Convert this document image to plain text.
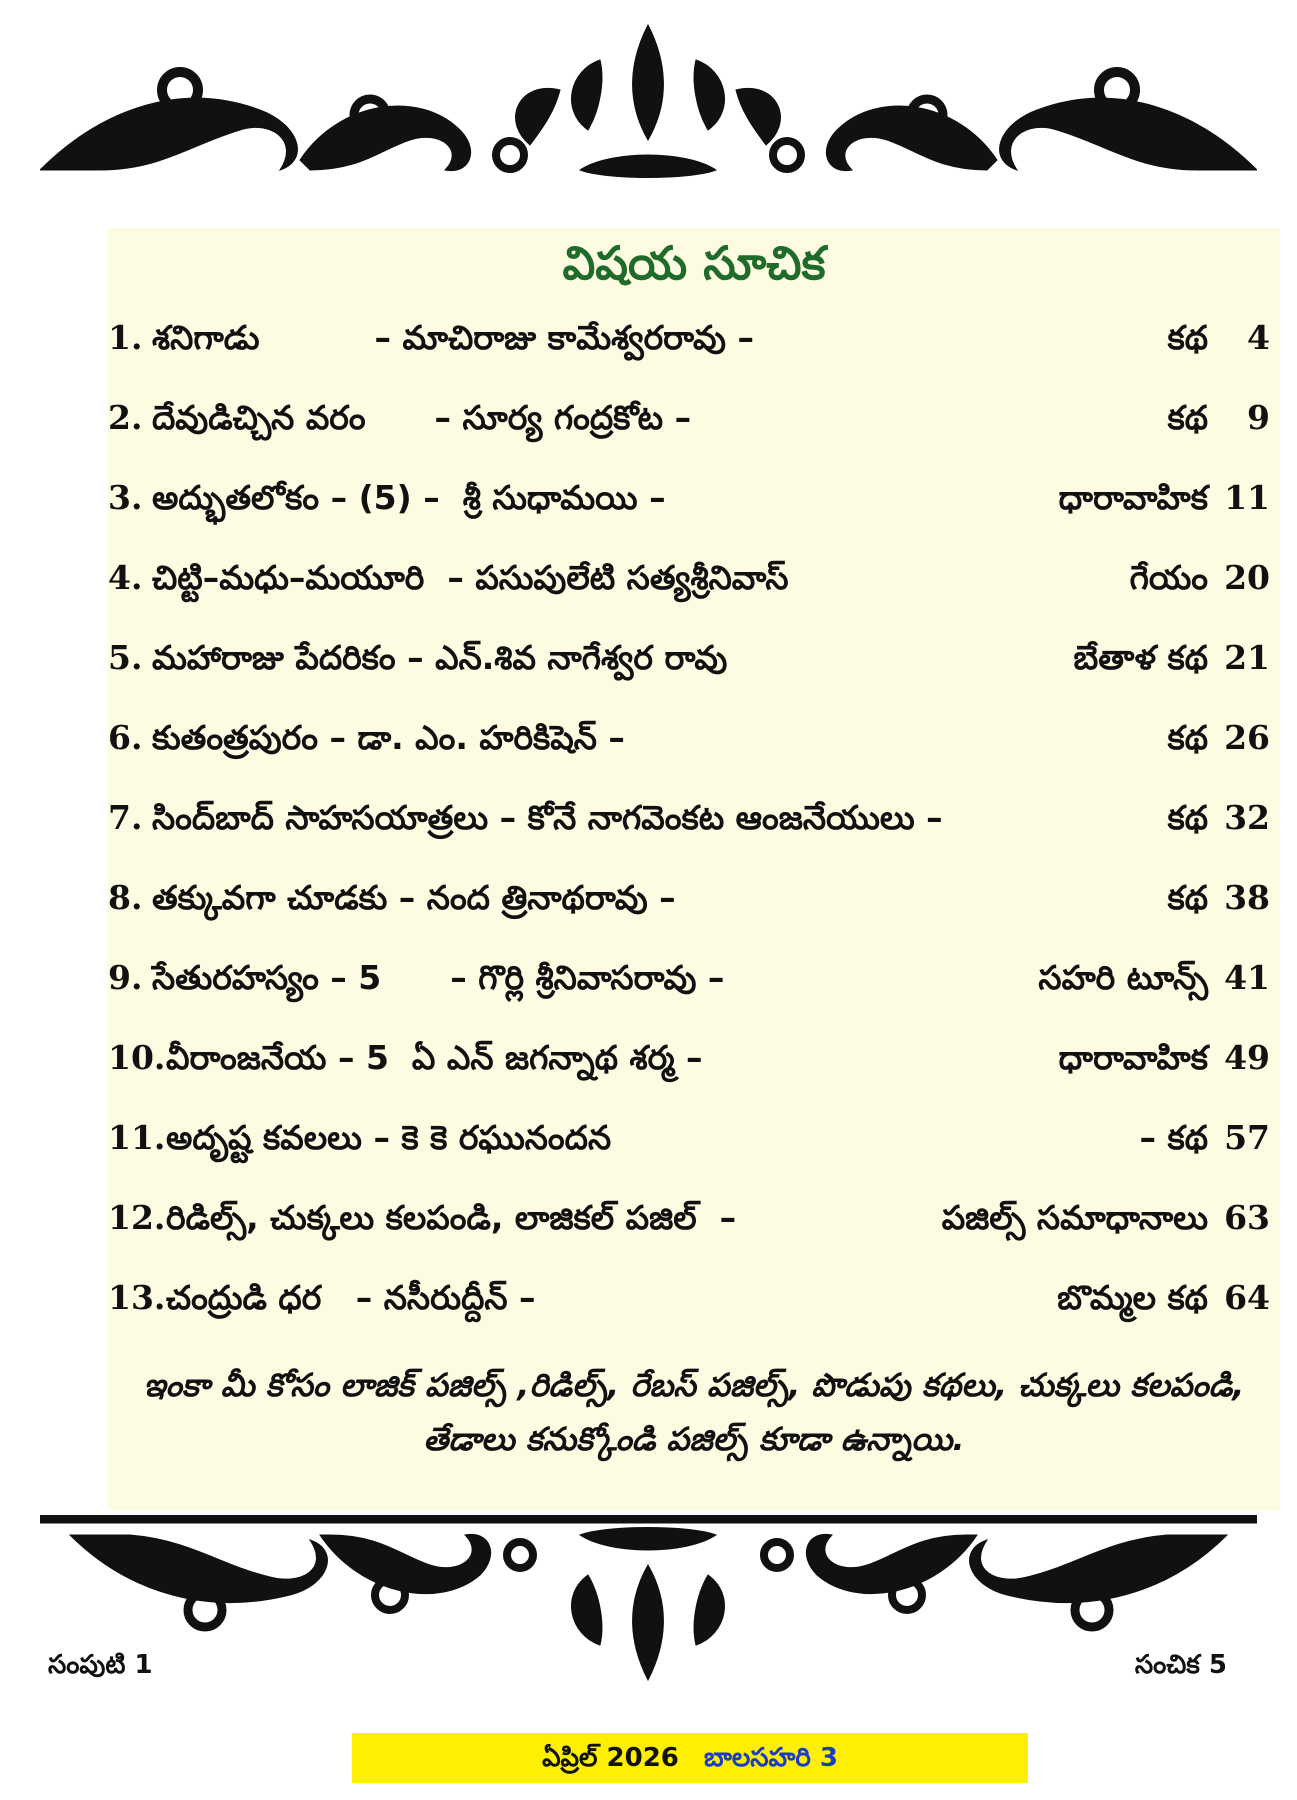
విషయ సూచిక
1. శనిగాడు	– మాచిరాజు కామేశ్వరరావు –	కథ	4
2. దేవుడిచ్చిన వరం – సూర్య గంద్రకోట –	కథ	9
3. అద్భుతలోకం – (5) – శ్రీ సుధామయి –	ధారావాహిక 11
4. చిట్టి–మధు–మయూరి – పసుపులేటి సత్యశ్రీనివాస్	గేయం 20
5. మహారాజు పేదరికం – ఎన్.శివ నాగేశ్వర రావు	బేతాళ కథ 21
6. కుతంత్రపురం – డా. ఎం. హరికిషెన్ –	కథ 26
7. సింద్‌బాద్ సాహసయాత్రలు – కోనే నాగవెంకట ఆంజనేయులు –	కథ 32
8. తక్కువగా చూడకు – నంద త్రినాథరావు –	కథ 38
9. సేతురహస్యం – 5 – గొర్లి శ్రీనివాసరావు –	సహరి టూన్స్ 41
10. వీరాంజనేయ – 5 ఏ ఎన్ జగన్నాథ శర్మ –	ధారావాహిక 49
11. అదృష్ట కవలలు – కె కె రఘునందన	– కథ 57
12. రిడిల్స్, చుక్కలు కలపండి, లాజికల్ పజిల్ –	పజిల్స్ సమాధానాలు 63
13. చంద్రుడి ధర – నసీరుద్దీన్ –	బొమ్మల కథ 64
ఇంకా మీ కోసం లాజిక్ పజిల్స్ ,రిడిల్స్, రేబస్ పజిల్స్, పొడుపు కథలు, చుక్కలు కలపండి, తేడాలు కనుక్కోండి పజిల్స్ కూడా ఉన్నాయి.
సంపుటి 1	సంచిక 5
ఏప్రిల్ 2026 బాలసహరి 3
